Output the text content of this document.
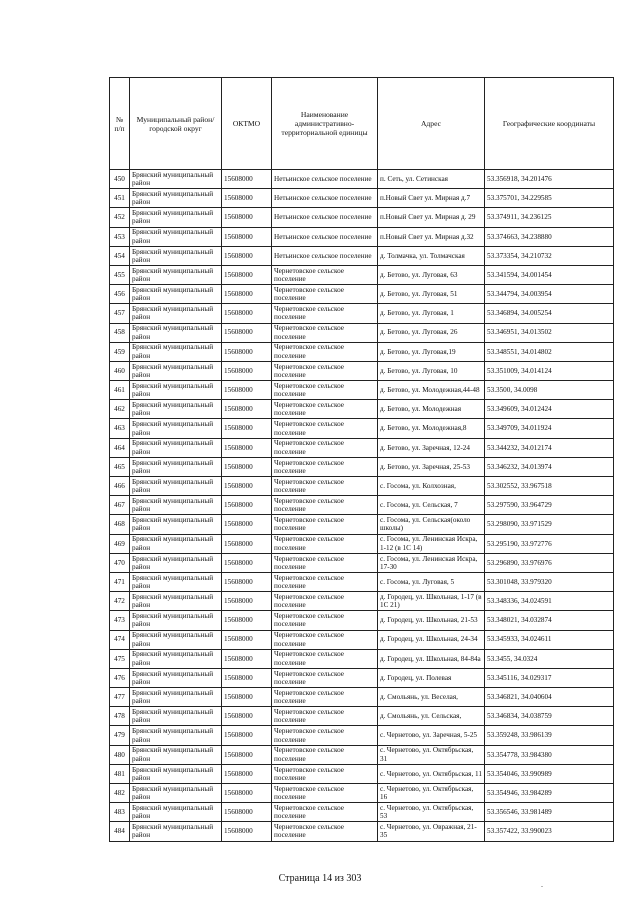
№ п/п	Муниципальный район/городской округ	ОКТМО	Наименование административно-территориальной единицы	Адрес	Географические координаты
450	Брянский муниципальный район	15608000	Нетьинское сельское поселение	п. Сеть, ул. Сетинская	53.356918, 34.201476
451	Брянский муниципальный район	15608000	Нетьинское сельское поселение	п.Новый Свет ул. Мирная д.7	53.375701, 34.229585
452	Брянский муниципальный район	15608000	Нетьинское сельское поселение	п.Новый Свет ул. Мирная д. 29	53.374911, 34.236125
453	Брянский муниципальный район	15608000	Нетьинское сельское поселение	п.Новый Свет ул. Мирная д.32	53.374663, 34.238880
454	Брянский муниципальный район	15608000	Нетьинское сельское поселение	д. Толмачка, ул. Толмачская	53.373354, 34.210732
455	Брянский муниципальный район	15608000	Чернетовское сельское поселение	д. Бетово, ул. Луговая, 63	53.341594, 34.001454
456	Брянский муниципальный район	15608000	Чернетовское сельское поселение	д. Бетово, ул. Луговая, 51	53.344794, 34.003954
457	Брянский муниципальный район	15608000	Чернетовское сельское поселение	д. Бетово, ул. Луговая, 1	53.346894, 34.005254
458	Брянский муниципальный район	15608000	Чернетовское сельское поселение	д. Бетово, ул. Луговая, 26	53.346951, 34.013502
459	Брянский муниципальный район	15608000	Чернетовское сельское поселение	д. Бетово, ул. Луговая,19	53.348551, 34.014802
460	Брянский муниципальный район	15608000	Чернетовское сельское поселение	д. Бетово, ул. Луговая, 10	53.351009, 34.014124
461	Брянский муниципальный район	15608000	Чернетовское сельское поселение	д. Бетово, ул. Молодежная,44-48	53.3500, 34.0098
462	Брянский муниципальный район	15608000	Чернетовское сельское поселение	д. Бетово, ул. Молодежная	53.349609, 34.012424
463	Брянский муниципальный район	15608000	Чернетовское сельское поселение	д. Бетово, ул. Молодежная,8	53.349709, 34.011924
464	Брянский муниципальный район	15608000	Чернетовское сельское поселение	д. Бетово, ул. Заречная, 12-24	53.344232, 34.012174
465	Брянский муниципальный район	15608000	Чернетовское сельское поселение	д. Бетово, ул. Заречная, 25-53	53.346232, 34.013974
466	Брянский муниципальный район	15608000	Чернетовское сельское поселение	с. Госома, ул. Колхозная,	53.302552, 33.967518
467	Брянский муниципальный район	15608000	Чернетовское сельское поселение	с. Госома, ул. Сельская, 7	53.297590, 33.964729
468	Брянский муниципальный район	15608000	Чернетовское сельское поселение	с. Госома, ул. Сельская(около школы)	53.298090, 33.971529
469	Брянский муниципальный район	15608000	Чернетовское сельское поселение	с. Госома, ул. Ленинская Искра, 1-12 (в 1С 14)	53.295190, 33.972776
470	Брянский муниципальный район	15608000	Чернетовское сельское поселение	с. Госома, ул. Ленинская Искра, 17-30	53.296890, 33.976976
471	Брянский муниципальный район	15608000	Чернетовское сельское поселение	с. Госома, ул. Луговая, 5	53.301048, 33.979320
472	Брянский муниципальный район	15608000	Чернетовское сельское поселение	д. Городец, ул. Школьная, 1-17 (в 1С 21)	53.348336, 34.024591
473	Брянский муниципальный район	15608000	Чернетовское сельское поселение	д. Городец, ул. Школьная, 21-53	53.348021, 34.032874
474	Брянский муниципальный район	15608000	Чернетовское сельское поселение	д. Городец, ул. Школьная, 24-34	53.345933, 34.024611
475	Брянский муниципальный район	15608000	Чернетовское сельское поселение	д. Городец, ул. Школьная, 84-84а	53.3455, 34.0324
476	Брянский муниципальный район	15608000	Чернетовское сельское поселение	д. Городец, ул. Полевая	53.345116, 34.029317
477	Брянский муниципальный район	15608000	Чернетовское сельское поселение	д. Смольянь, ул. Веселая,	53.346821, 34.040604
478	Брянский муниципальный район	15608000	Чернетовское сельское поселение	д. Смольянь, ул. Сельская,	53.346834, 34.038759
479	Брянский муниципальный район	15608000	Чернетовское сельское поселение	с. Чернетово, ул. Заречная, 5-25	53.359248, 33.986139
480	Брянский муниципальный район	15608000	Чернетовское сельское поселение	с. Чернетово, ул. Октябрьская, 31	53.354778, 33.984380
481	Брянский муниципальный район	15608000	Чернетовское сельское поселение	с. Чернетово, ул. Октябрьская, 11	53.354046, 33.990989
482	Брянский муниципальный район	15608000	Чернетовское сельское поселение	с. Чернетово, ул. Октябрьская, 16	53.354946, 33.984289
483	Брянский муниципальный район	15608000	Чернетовское сельское поселение	с. Чернетово, ул. Октябрьская, 53	53.356546, 33.981489
484	Брянский муниципальный район	15608000	Чернетовское сельское поселение	с. Чернетово, ул. Овражная, 21-35	53.357422, 33.990023
Страница 14 из 303
.
